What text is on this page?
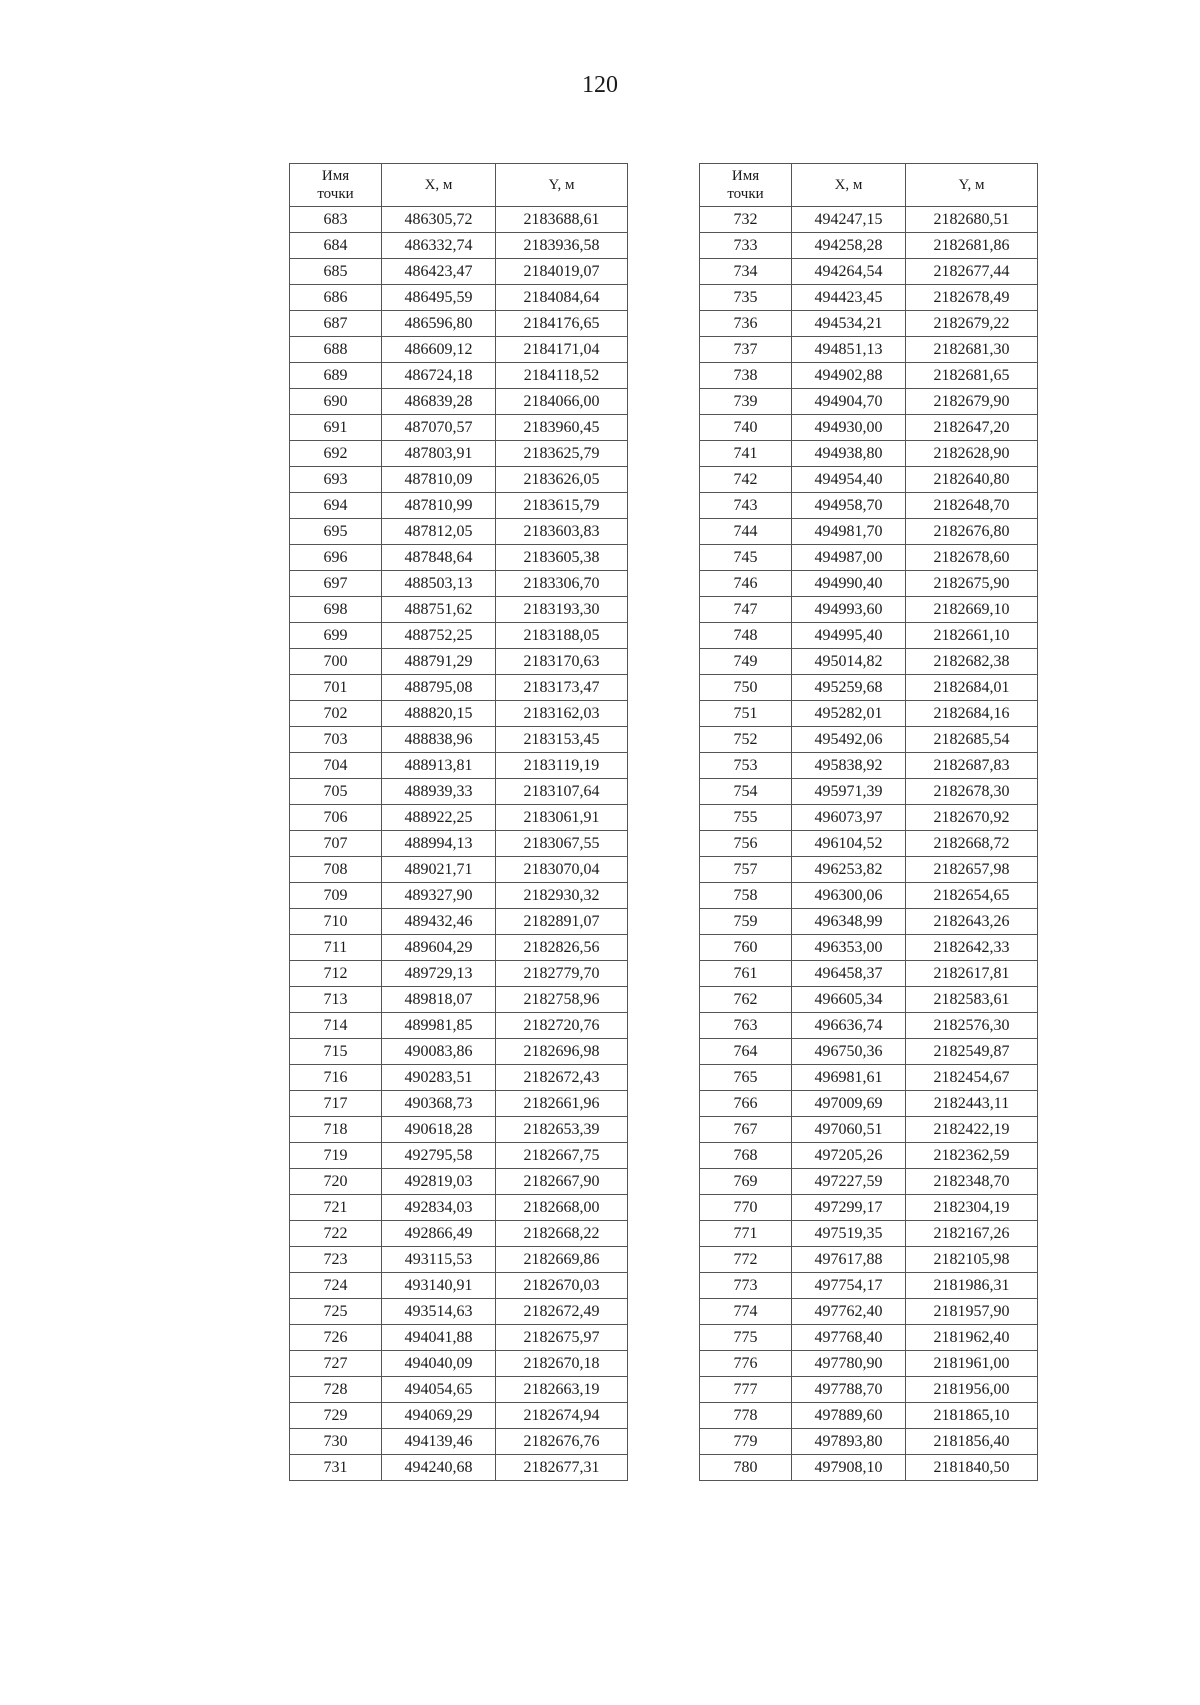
120
Имя
точки	X, м	Y, м
683	486305,72	2183688,61
684	486332,74	2183936,58
685	486423,47	2184019,07
686	486495,59	2184084,64
687	486596,80	2184176,65
688	486609,12	2184171,04
689	486724,18	2184118,52
690	486839,28	2184066,00
691	487070,57	2183960,45
692	487803,91	2183625,79
693	487810,09	2183626,05
694	487810,99	2183615,79
695	487812,05	2183603,83
696	487848,64	2183605,38
697	488503,13	2183306,70
698	488751,62	2183193,30
699	488752,25	2183188,05
700	488791,29	2183170,63
701	488795,08	2183173,47
702	488820,15	2183162,03
703	488838,96	2183153,45
704	488913,81	2183119,19
705	488939,33	2183107,64
706	488922,25	2183061,91
707	488994,13	2183067,55
708	489021,71	2183070,04
709	489327,90	2182930,32
710	489432,46	2182891,07
711	489604,29	2182826,56
712	489729,13	2182779,70
713	489818,07	2182758,96
714	489981,85	2182720,76
715	490083,86	2182696,98
716	490283,51	2182672,43
717	490368,73	2182661,96
718	490618,28	2182653,39
719	492795,58	2182667,75
720	492819,03	2182667,90
721	492834,03	2182668,00
722	492866,49	2182668,22
723	493115,53	2182669,86
724	493140,91	2182670,03
725	493514,63	2182672,49
726	494041,88	2182675,97
727	494040,09	2182670,18
728	494054,65	2182663,19
729	494069,29	2182674,94
730	494139,46	2182676,76
731	494240,68	2182677,31
Имя
точки	X, м	Y, м
732	494247,15	2182680,51
733	494258,28	2182681,86
734	494264,54	2182677,44
735	494423,45	2182678,49
736	494534,21	2182679,22
737	494851,13	2182681,30
738	494902,88	2182681,65
739	494904,70	2182679,90
740	494930,00	2182647,20
741	494938,80	2182628,90
742	494954,40	2182640,80
743	494958,70	2182648,70
744	494981,70	2182676,80
745	494987,00	2182678,60
746	494990,40	2182675,90
747	494993,60	2182669,10
748	494995,40	2182661,10
749	495014,82	2182682,38
750	495259,68	2182684,01
751	495282,01	2182684,16
752	495492,06	2182685,54
753	495838,92	2182687,83
754	495971,39	2182678,30
755	496073,97	2182670,92
756	496104,52	2182668,72
757	496253,82	2182657,98
758	496300,06	2182654,65
759	496348,99	2182643,26
760	496353,00	2182642,33
761	496458,37	2182617,81
762	496605,34	2182583,61
763	496636,74	2182576,30
764	496750,36	2182549,87
765	496981,61	2182454,67
766	497009,69	2182443,11
767	497060,51	2182422,19
768	497205,26	2182362,59
769	497227,59	2182348,70
770	497299,17	2182304,19
771	497519,35	2182167,26
772	497617,88	2182105,98
773	497754,17	2181986,31
774	497762,40	2181957,90
775	497768,40	2181962,40
776	497780,90	2181961,00
777	497788,70	2181956,00
778	497889,60	2181865,10
779	497893,80	2181856,40
780	497908,10	2181840,50
